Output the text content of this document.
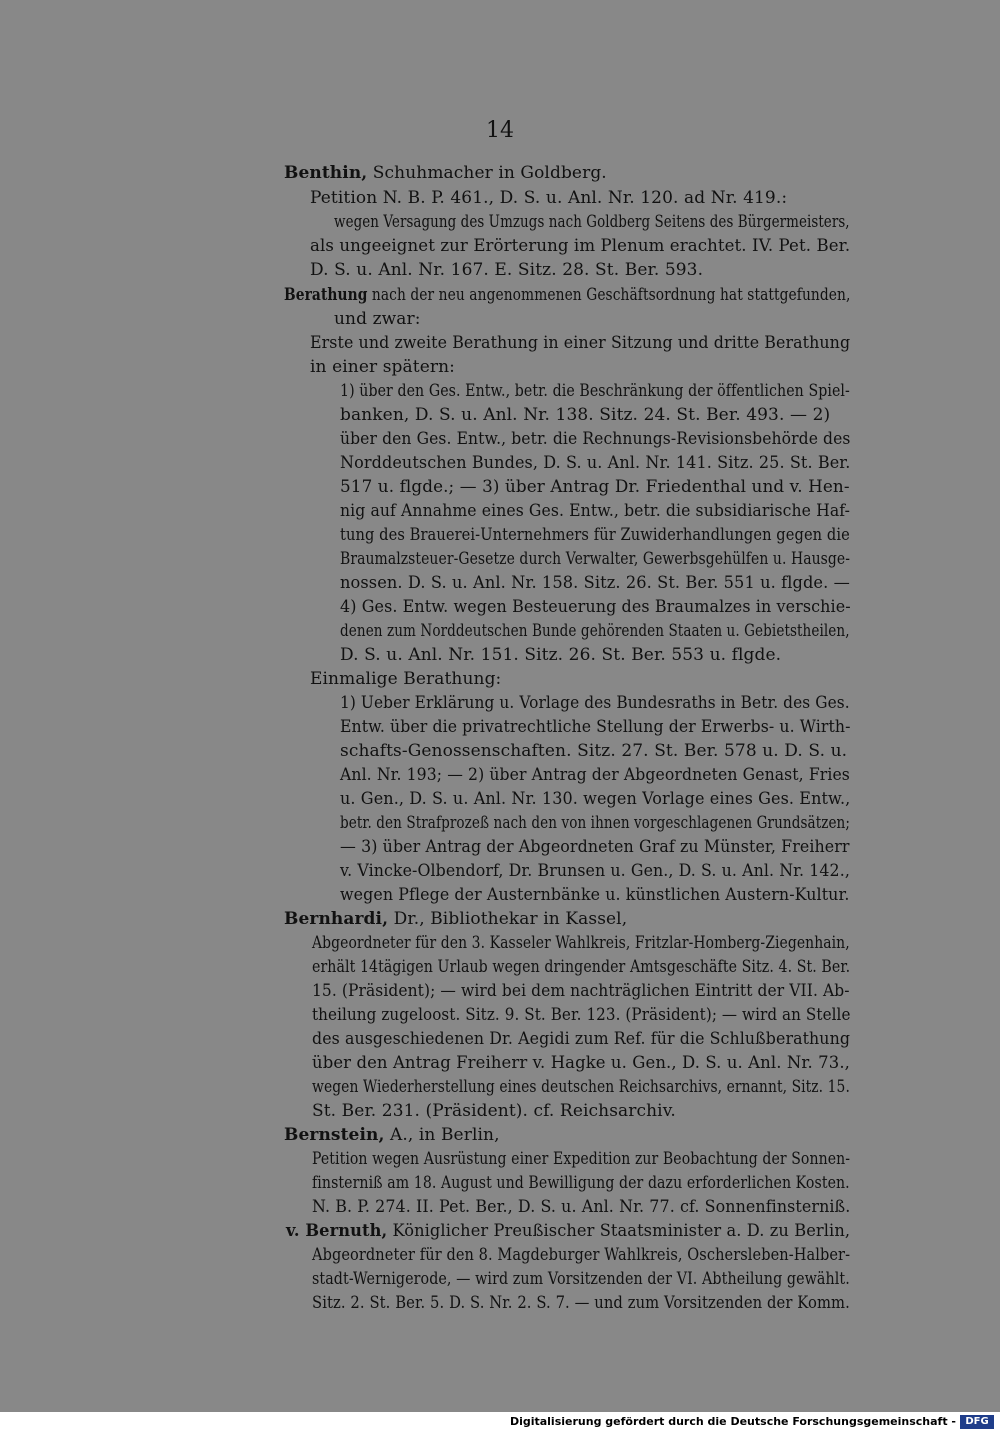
14
Benthin, Schuhmacher in Goldberg.
Petition N. B. P. 461., D. S. u. Anl. Nr. 120. ad Nr. 419.:
wegen Versagung des Umzugs nach Goldberg Seitens des Bürgermeisters,
als ungeeignet zur Erörterung im Plenum erachtet. IV. Pet. Ber.
D. S. u. Anl. Nr. 167. E. Sitz. 28. St. Ber. 593.
Berathung nach der neu angenommenen Geschäftsordnung hat stattgefunden,
und zwar:
Erste und zweite Berathung in einer Sitzung und dritte Berathung
in einer spätern:
1) über den Ges. Entw., betr. die Beschränkung der öffentlichen Spiel-
banken, D. S. u. Anl. Nr. 138. Sitz. 24. St. Ber. 493. — 2)
über den Ges. Entw., betr. die Rechnungs-Revisionsbehörde des
Norddeutschen Bundes, D. S. u. Anl. Nr. 141. Sitz. 25. St. Ber.
517 u. flgde.; — 3) über Antrag Dr. Friedenthal und v. Hen-
nig auf Annahme eines Ges. Entw., betr. die subsidiarische Haf-
tung des Brauerei-Unternehmers für Zuwiderhandlungen gegen die
Braumalzsteuer-Gesetze durch Verwalter, Gewerbsgehülfen u. Hausge-
nossen. D. S. u. Anl. Nr. 158. Sitz. 26. St. Ber. 551 u. flgde. —
4) Ges. Entw. wegen Besteuerung des Braumalzes in verschie-
denen zum Norddeutschen Bunde gehörenden Staaten u. Gebietstheilen,
D. S. u. Anl. Nr. 151. Sitz. 26. St. Ber. 553 u. flgde.
Einmalige Berathung:
1) Ueber Erklärung u. Vorlage des Bundesraths in Betr. des Ges.
Entw. über die privatrechtliche Stellung der Erwerbs- u. Wirth-
schafts-Genossenschaften. Sitz. 27. St. Ber. 578 u. D. S. u.
Anl. Nr. 193; — 2) über Antrag der Abgeordneten Genast, Fries
u. Gen., D. S. u. Anl. Nr. 130. wegen Vorlage eines Ges. Entw.,
betr. den Strafprozeß nach den von ihnen vorgeschlagenen Grundsätzen;
— 3) über Antrag der Abgeordneten Graf zu Münster, Freiherr
v. Vincke-Olbendorf, Dr. Brunsen u. Gen., D. S. u. Anl. Nr. 142.,
wegen Pflege der Austernbänke u. künstlichen Austern-Kultur.
Bernhardi, Dr., Bibliothekar in Kassel,
Abgeordneter für den 3. Kasseler Wahlkreis, Fritzlar-Homberg-Ziegenhain,
erhält 14tägigen Urlaub wegen dringender Amtsgeschäfte Sitz. 4. St. Ber.
15. (Präsident); — wird bei dem nachträglichen Eintritt der VII. Ab-
theilung zugeloost. Sitz. 9. St. Ber. 123. (Präsident); — wird an Stelle
des ausgeschiedenen Dr. Aegidi zum Ref. für die Schlußberathung
über den Antrag Freiherr v. Hagke u. Gen., D. S. u. Anl. Nr. 73.,
wegen Wiederherstellung eines deutschen Reichsarchivs, ernannt, Sitz. 15.
St. Ber. 231. (Präsident). cf. Reichsarchiv.
Bernstein, A., in Berlin,
Petition wegen Ausrüstung einer Expedition zur Beobachtung der Sonnen-
finsterniß am 18. August und Bewilligung der dazu erforderlichen Kosten.
N. B. P. 274. II. Pet. Ber., D. S. u. Anl. Nr. 77. cf. Sonnenfinsterniß.
v. Bernuth, Königlicher Preußischer Staatsminister a. D. zu Berlin,
Abgeordneter für den 8. Magdeburger Wahlkreis, Oschersleben-Halber-
stadt-Wernigerode, — wird zum Vorsitzenden der VI. Abtheilung gewählt.
Sitz. 2. St. Ber. 5. D. S. Nr. 2. S. 7. — und zum Vorsitzenden der Komm.
Digitalisierung gefördert durch die Deutsche Forschungsgemeinschaft - DFG
